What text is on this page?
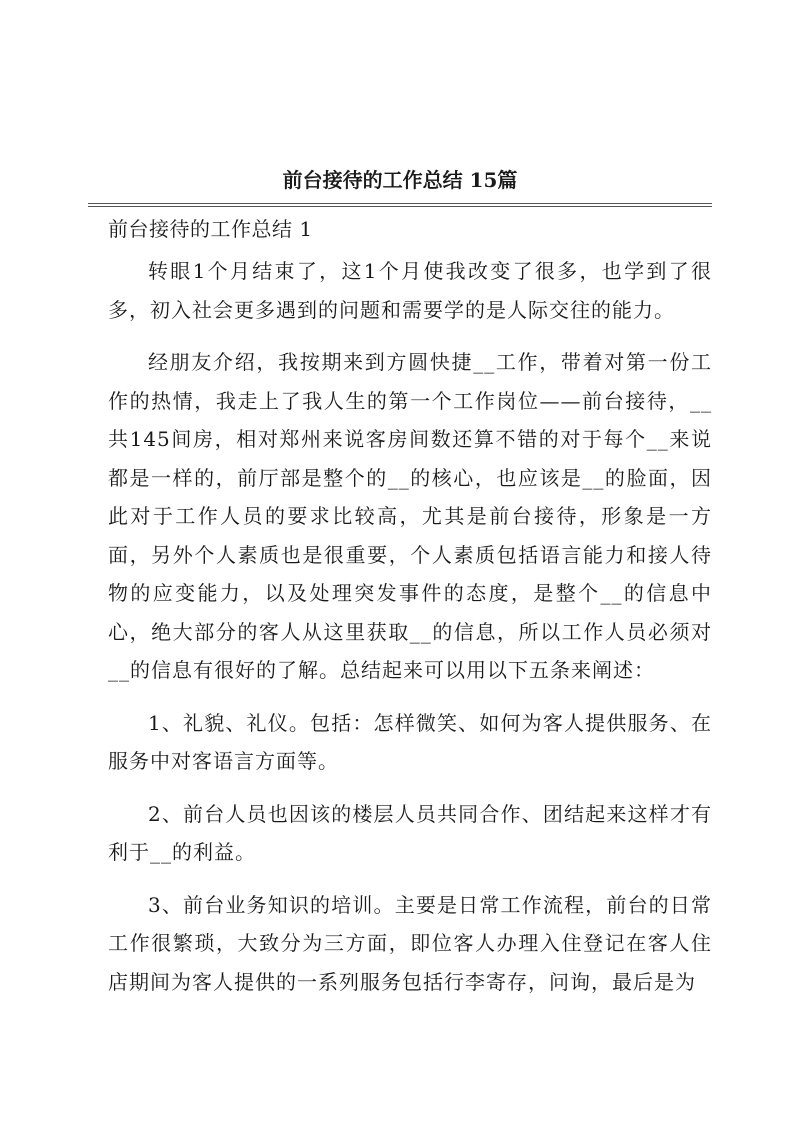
前台接待的工作总结 15篇

前台接待的工作总结 1

转眼1个月结束了，这1个月使我改变了很多，也学到了很多，初入社会更多遇到的问题和需要学的是人际交往的能力。

经朋友介绍，我按期来到方圆快捷__工作，带着对第一份工作的热情，我走上了我人生的第一个工作岗位——前台接待，__共145间房，相对郑州来说客房间数还算不错的对于每个__来说都是一样的，前厅部是整个的__的核心，也应该是__的脸面，因此对于工作人员的要求比较高，尤其是前台接待，形象是一方面，另外个人素质也是很重要，个人素质包括语言能力和接人待物的应变能力，以及处理突发事件的态度，是整个__的信息中心，绝大部分的客人从这里获取__的信息，所以工作人员必须对__的信息有很好的了解。总结起来可以用以下五条来阐述：

1、礼貌、礼仪。包括：怎样微笑、如何为客人提供服务、在服务中对客语言方面等。

2、前台人员也因该的楼层人员共同合作、团结起来这样才有利于__的利益。

3、前台业务知识的培训。主要是日常工作流程，前台的日常工作很繁琐，大致分为三方面，即位客人办理入住登记在客人住店期间为客人提供的一系列服务包括行李寄存，问询，最后是为
